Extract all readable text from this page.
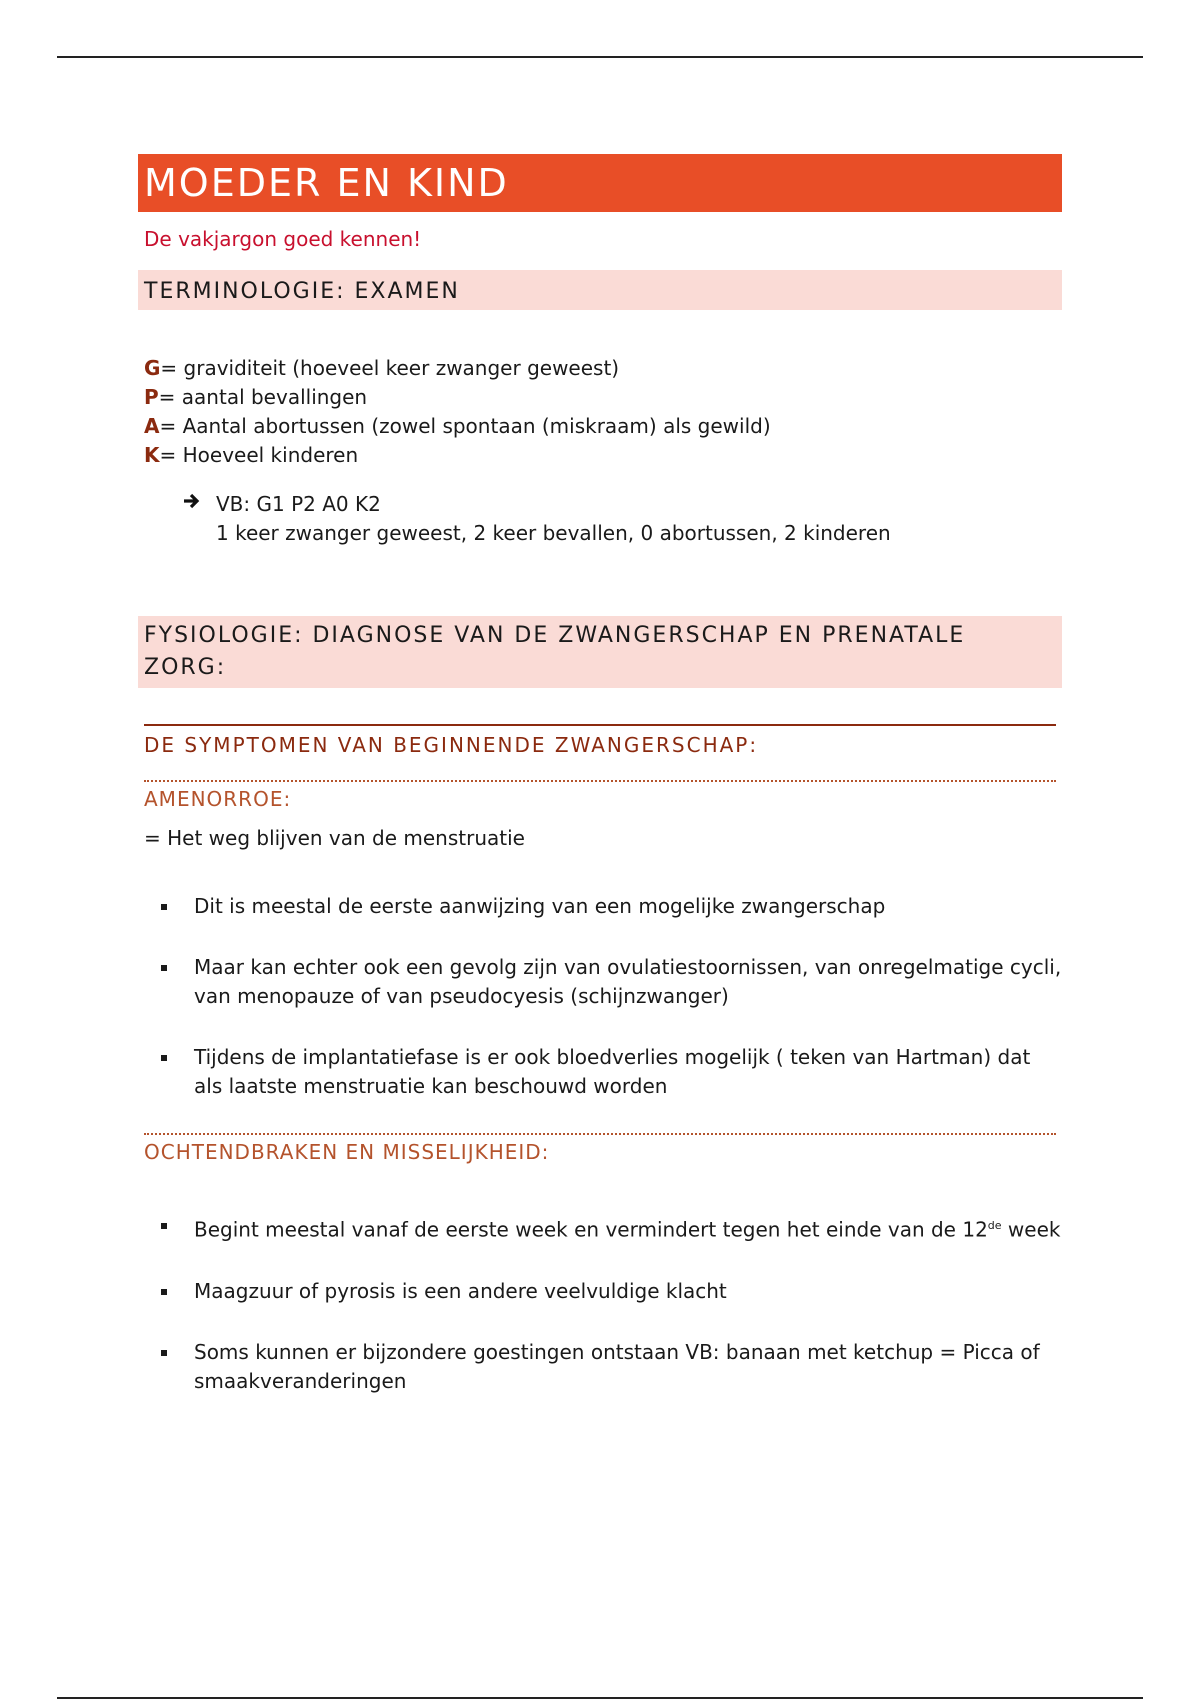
MOEDER EN KIND
De vakjargon goed kennen!
TERMINOLOGIE: EXAMEN
G= graviditeit (hoeveel keer zwanger geweest)
P= aantal bevallingen
A= Aantal abortussen (zowel spontaan (miskraam) als gewild)
K= Hoeveel kinderen
VB: G1 P2 A0 K2
1 keer zwanger geweest, 2 keer bevallen, 0 abortussen, 2 kinderen
FYSIOLOGIE: DIAGNOSE VAN DE ZWANGERSCHAP EN PRENATALE ZORG:
DE SYMPTOMEN VAN BEGINNENDE ZWANGERSCHAP:
AMENORROE:
= Het weg blijven van de menstruatie
Dit is meestal de eerste aanwijzing van een mogelijke zwangerschap
Maar kan echter ook een gevolg zijn van ovulatiestoornissen, van onregelmatige cycli, van menopauze of van pseudocyesis (schijnzwanger)
Tijdens de implantatiefase is er ook bloedverlies mogelijk ( teken van Hartman) dat als laatste menstruatie kan beschouwd worden
OCHTENDBRAKEN EN MISSELIJKHEID:
Begint meestal vanaf de eerste week en vermindert tegen het einde van de 12de week
Maagzuur of pyrosis is een andere veelvuldige klacht
Soms kunnen er bijzondere goestingen ontstaan VB: banaan met ketchup = Picca of smaakveranderingen
